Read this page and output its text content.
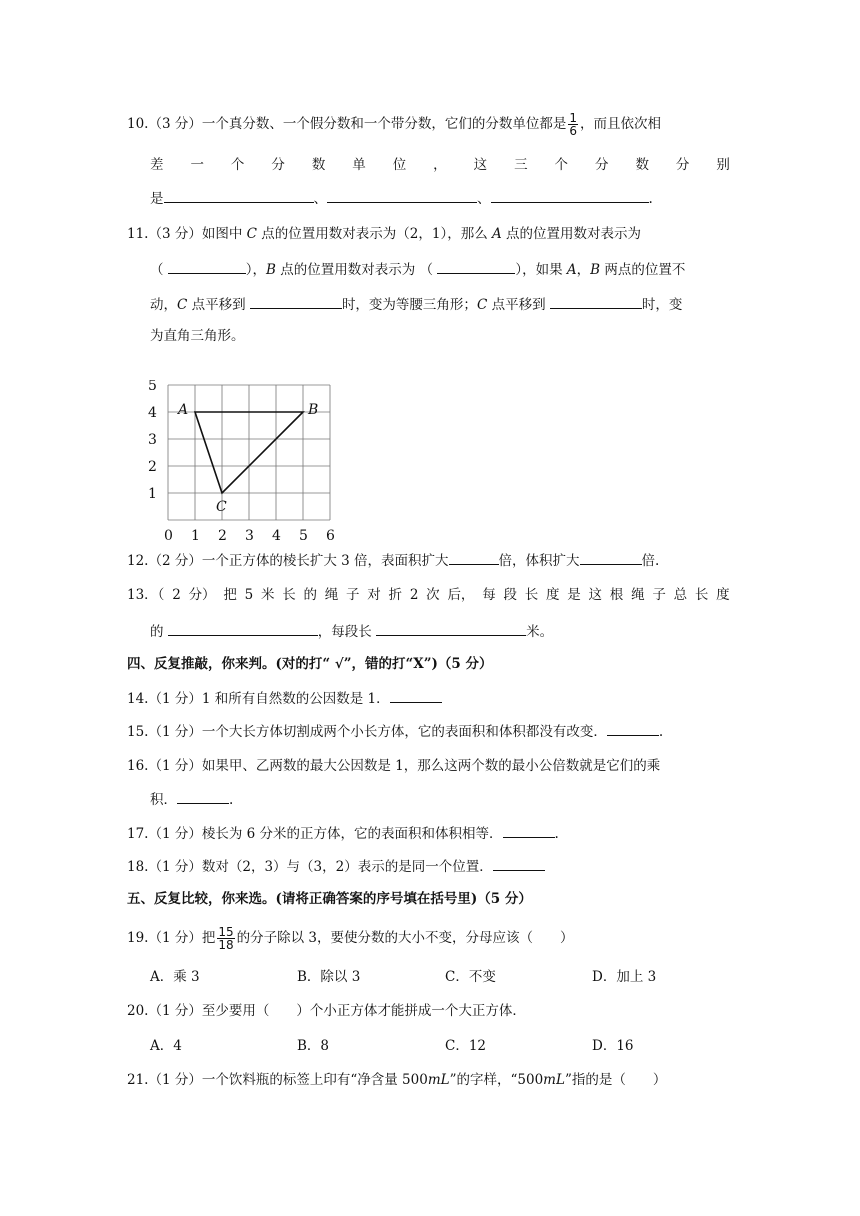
10.（3 分）一个真分数、一个假分数和一个带分数，它们的分数单位都是 $\frac{1}{6}$ ，而且依次相
差 一 个 分 数 单 位 ， 这 三 个 分 数 分 别
是	、	、	.
11.（3 分）如图中 C 点的位置用数对表示为（2，1），那么 A 点的位置用数对表示为
（	），B 点的位置用数对表示为 （	），如果 A，B 两点的位置不
动，C 点平移到	时，变为等腰三角形；C 点平移到	时，变
为直角三角形。
0 1 2 3 4 5 6
1
2
3
4
5
A	B
C
12.（2 分）一个正方体的棱长扩大 3 倍，表面积扩大	倍，体积扩大	倍.
13．（ 2 分） 把 5 米 长 的 绳 子 对 折 2 次 后， 每 段 长 度 是 这 根 绳 子 总 长 度
的	，每段长	米。
四、反复推敲，你来判。(对的打“ √”，错的打“X”)（5 分）
14.（1 分）1 和所有自然数的公因数是 1．
15.（1 分）一个大长方体切割成两个小长方体，它的表面积和体积都没有改变．	.
16.（1 分）如果甲、乙两数的最大公因数是 1，那么这两个数的最小公倍数就是它们的乘
积．	.
17.（1 分）棱长为 6 分米的正方体，它的表面积和体积相等．	.
18.（1 分）数对（2，3）与（3，2）表示的是同一个位置．
五、反复比较，你来选。(请将正确答案的序号填在括号里)（5 分）
19.（1 分）把 $\frac{15}{18}$ 的分子除以 3，要使分数的大小不变，分母应该（　　）
A．乘 3	B．除以 3	C．不变	D．加上 3
20.（1 分）至少要用（　　）个小正方体才能拼成一个大正方体．
A．4	B．8	C．12	D．16
21.（1 分）一个饮料瓶的标签上印有“净含量 500mL”的字样，“500mL”指的是（　　）
